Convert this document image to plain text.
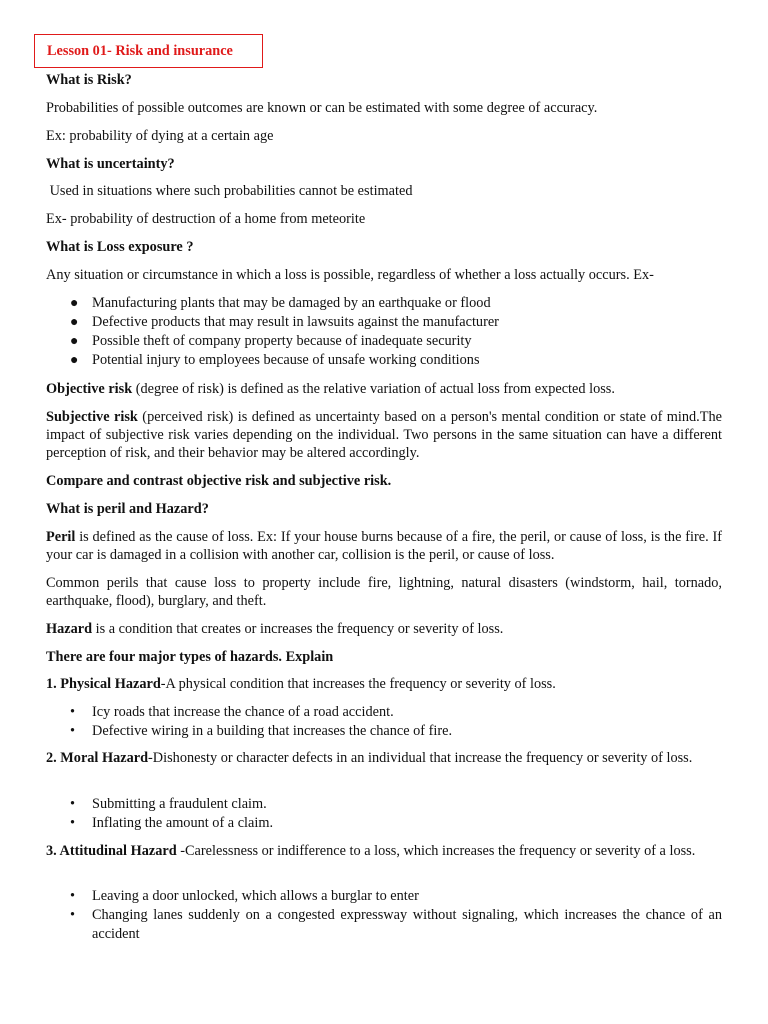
Lesson 01- Risk and insurance

What is Risk?

Probabilities of possible outcomes are known or can be estimated with some degree of accuracy.

Ex: probability of dying at a certain age

What is uncertainty?

Used in situations where such probabilities cannot be estimated

Ex- probability of destruction of a home from meteorite

What is Loss exposure ?

Any situation or circumstance in which a loss is possible, regardless of whether a loss actually occurs. Ex-

● Manufacturing plants that may be damaged by an earthquake or flood
● Defective products that may result in lawsuits against the manufacturer
● Possible theft of company property because of inadequate security
● Potential injury to employees because of unsafe working conditions

Objective risk (degree of risk) is defined as the relative variation of actual loss from expected loss.

Subjective risk (perceived risk) is defined as uncertainty based on a person's mental condition or state of mind.The impact of subjective risk varies depending on the individual. Two persons in the same situation can have a different perception of risk, and their behavior may be altered accordingly.

Compare and contrast objective risk and subjective risk.

What is peril and Hazard?

Peril is defined as the cause of loss. Ex: If your house burns because of a fire, the peril, or cause of loss, is the fire. If your car is damaged in a collision with another car, collision is the peril, or cause of loss.

Common perils that cause loss to property include fire, lightning, natural disasters (windstorm, hail, tornado, earthquake, flood), burglary, and theft.

Hazard is a condition that creates or increases the frequency or severity of loss.

There are four major types of hazards. Explain

1. Physical Hazard-A physical condition that increases the frequency or severity of loss.

• Icy roads that increase the chance of a road accident.
• Defective wiring in a building that increases the chance of fire.

2. Moral Hazard-Dishonesty or character defects in an individual that increase the frequency or severity of loss.

• Submitting a fraudulent claim.
• Inflating the amount of a claim.

3. Attitudinal Hazard -Carelessness or indifference to a loss, which increases the frequency or severity of a loss.

• Leaving a door unlocked, which allows a burglar to enter
• Changing lanes suddenly on a congested expressway without signaling, which increases the chance of an accident
